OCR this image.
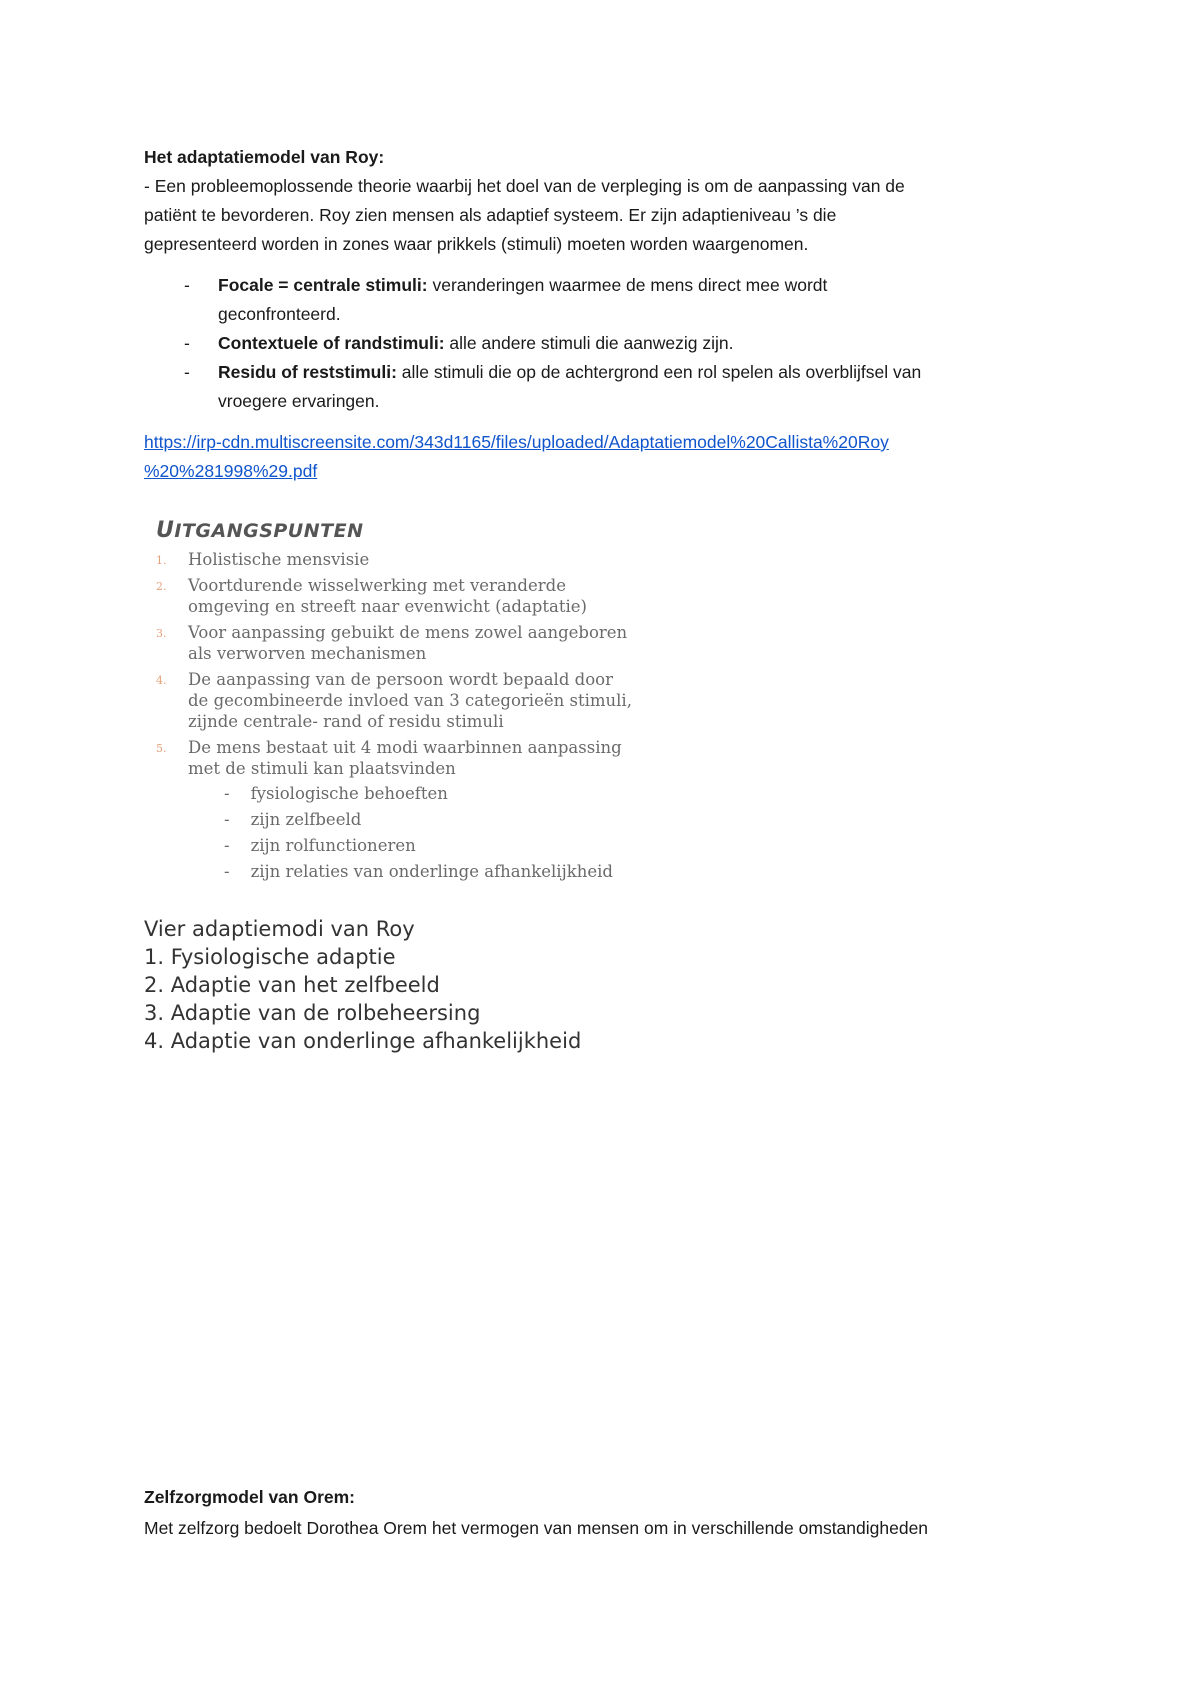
Het adaptatiemodel van Roy:

- Een probleemoplossende theorie waarbij het doel van de verpleging is om de aanpassing van de
patiënt te bevorderen. Roy zien mensen als adaptief systeem. Er zijn adaptieniveau ’s die
gepresenteerd worden in zones waar prikkels (stimuli) moeten worden waargenomen.

- Focale = centrale stimuli: veranderingen waarmee de mens direct mee wordt
geconfronteerd.
- Contextuele of randstimuli: alle andere stimuli die aanwezig zijn.
- Residu of reststimuli: alle stimuli die op de achtergrond een rol spelen als overblijfsel van
vroegere ervaringen.
https://irp-cdn.multiscreensite.com/343d1165/files/uploaded/Adaptatiemodel%20Callista%20Roy
%20%281998%29.pdf
UITGANGSPUNTEN
1. Holistische mensvisie
2. Voortdurende wisselwerking met veranderde
omgeving en streeft naar evenwicht (adaptatie)
3. Voor aanpassing gebuikt de mens zowel aangeboren
als verworven mechanismen
4. De aanpassing van de persoon wordt bepaald door
de gecombineerde invloed van 3 categorieën stimuli,
zijnde centrale- rand of residu stimuli
5. De mens bestaat uit 4 modi waarbinnen aanpassing
met de stimuli kan plaatsvinden
- fysiologische behoeften
- zijn zelfbeeld
- zijn rolfunctioneren
- zijn relaties van onderlinge afhankelijkheid

Vier adaptiemodi van Roy

1. Fysiologische adaptie

2. Adaptie van het zelfbeeld

3. Adaptie van de rolbeheersing

4. Adaptie van onderlinge afhankelijkheid

Zelfzorgmodel van Orem:

Met zelfzorg bedoelt Dorothea Orem het vermogen van mensen om in verschillende omstandigheden
